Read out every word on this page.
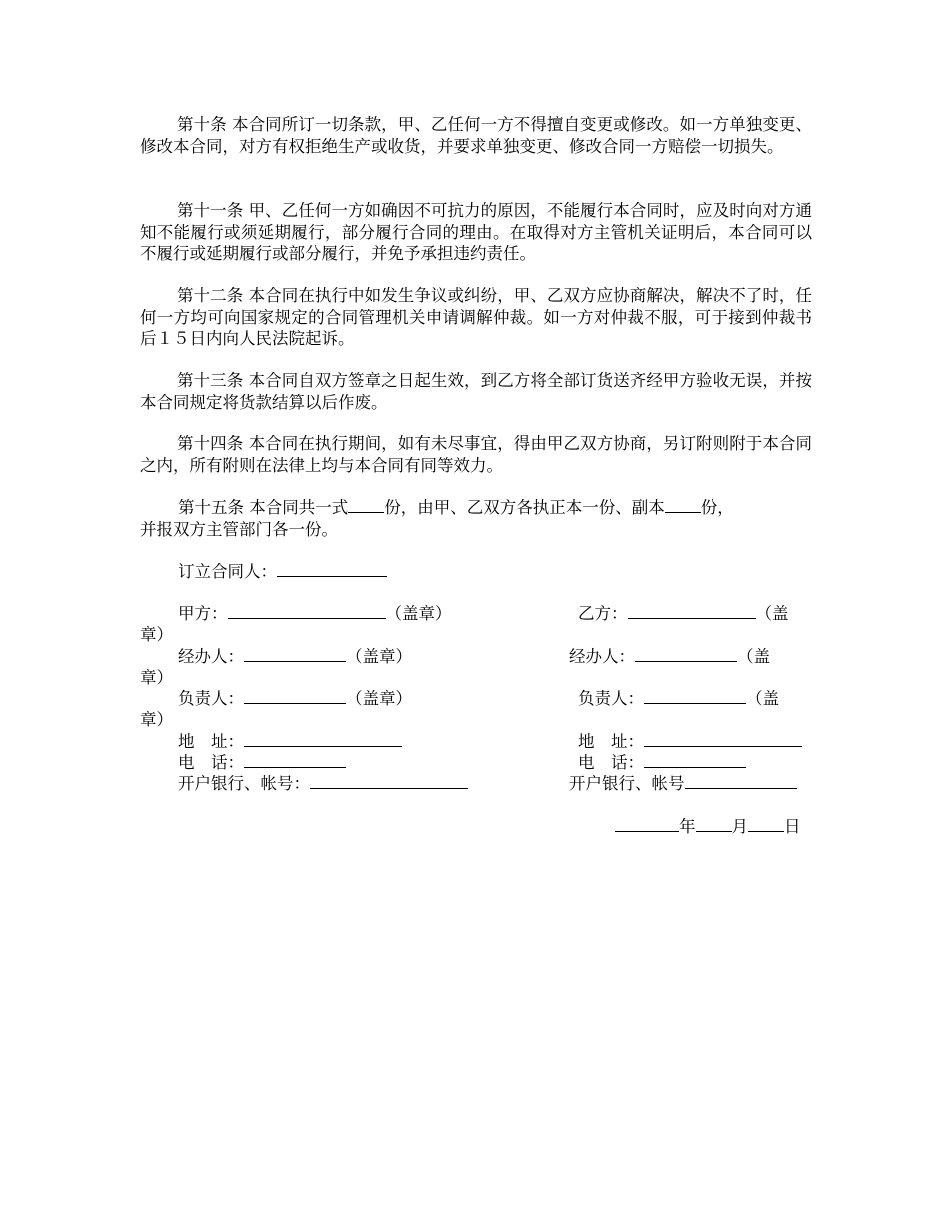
第十条 本合同所订一切条款，甲、乙任何一方不得擅自变更或修改。如一方单独变更、修改本合同，对方有权拒绝生产或收货，并要求单独变更、修改合同一方赔偿一切损失。

第十一条 甲、乙任何一方如确因不可抗力的原因，不能履行本合同时，应及时向对方通知不能履行或须延期履行，部分履行合同的理由。在取得对方主管机关证明后，本合同可以不履行或延期履行或部分履行，并免予承担违约责任。

第十二条 本合同在执行中如发生争议或纠纷，甲、乙双方应协商解决，解决不了时，任何一方均可向国家规定的合同管理机关申请调解仲裁。如一方对仲裁不服，可于接到仲裁书后１５日内向人民法院起诉。

第十三条 本合同自双方签章之日起生效，到乙方将全部订货送齐经甲方验收无误，并按本合同规定将货款结算以后作废。

第十四条 本合同在执行期间，如有未尽事宜，得由甲乙双方协商，另订附则附于本合同之内，所有附则在法律上均与本合同有同等效力。

第十五条 本合同共一式 份，由甲、乙双方各执正本一份、副本 份，
并报双方主管部门各一份。
订立合同人：
甲方：	（盖章）	乙方：	（盖
章）
经办人：	（盖章）	经办人：	（盖
章）
负责人：	（盖章）	负责人：	（盖
章）
地　址：	地　址：
电　话：	电　话：
开户银行、帐号：	开户银行、帐号
年 月 日
